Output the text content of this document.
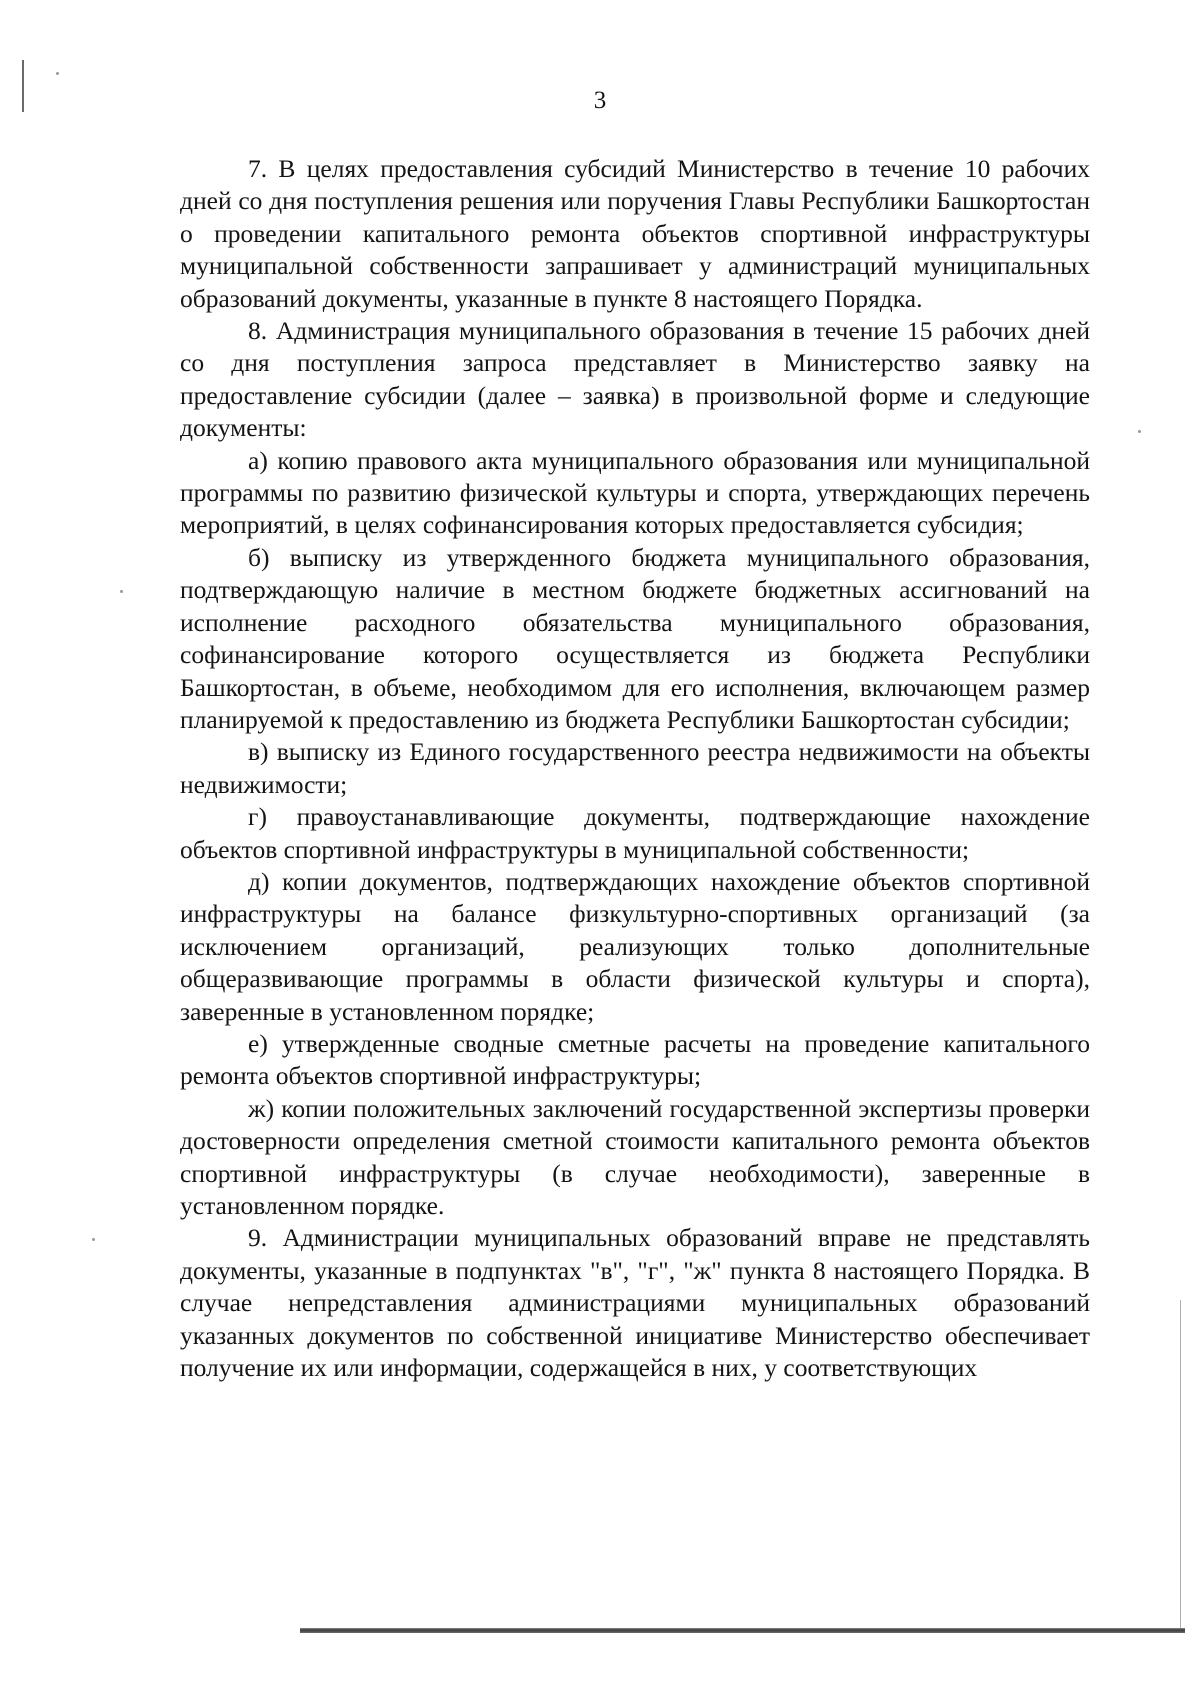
3

7. В целях предоставления субсидий Министерство в течение 10 рабочих дней со дня поступления решения или поручения Главы Республики Башкортостан о проведении капитального ремонта объектов спортивной инфраструктуры муниципальной собственности запрашивает у администраций муниципальных образований документы, указанные в пункте 8 настоящего Порядка.

8. Администрация муниципального образования в течение 15 рабочих дней со дня поступления запроса представляет в Министерство заявку на предоставление субсидии (далее – заявка) в произвольной форме и следующие документы:

а) копию правового акта муниципального образования или муниципальной программы по развитию физической культуры и спорта, утверждающих перечень мероприятий, в целях софинансирования которых предоставляется субсидия;

б) выписку из утвержденного бюджета муниципального образования, подтверждающую наличие в местном бюджете бюджетных ассигнований на исполнение расходного обязательства муниципального образования, софинансирование которого осуществляется из бюджета Республики Башкортостан, в объеме, необходимом для его исполнения, включающем размер планируемой к предоставлению из бюджета Республики Башкортостан субсидии;

в) выписку из Единого государственного реестра недвижимости на объекты недвижимости;

г) правоустанавливающие документы, подтверждающие нахождение объектов спортивной инфраструктуры в муниципальной собственности;

д) копии документов, подтверждающих нахождение объектов спортивной инфраструктуры на балансе физкультурно-спортивных организаций (за исключением организаций, реализующих только дополнительные общеразвивающие программы в области физической культуры и спорта), заверенные в установленном порядке;

е) утвержденные сводные сметные расчеты на проведение капитального ремонта объектов спортивной инфраструктуры;

ж) копии положительных заключений государственной экспертизы проверки достоверности определения сметной стоимости капитального ремонта объектов спортивной инфраструктуры (в случае необходимости), заверенные в установленном порядке.

9. Администрации муниципальных образований вправе не представлять документы, указанные в подпунктах "в", "г", "ж" пункта 8 настоящего Порядка. В случае непредставления администрациями муниципальных образований указанных документов по собственной инициативе Министерство обеспечивает получение их или информации, содержащейся в них, у соответствующих
